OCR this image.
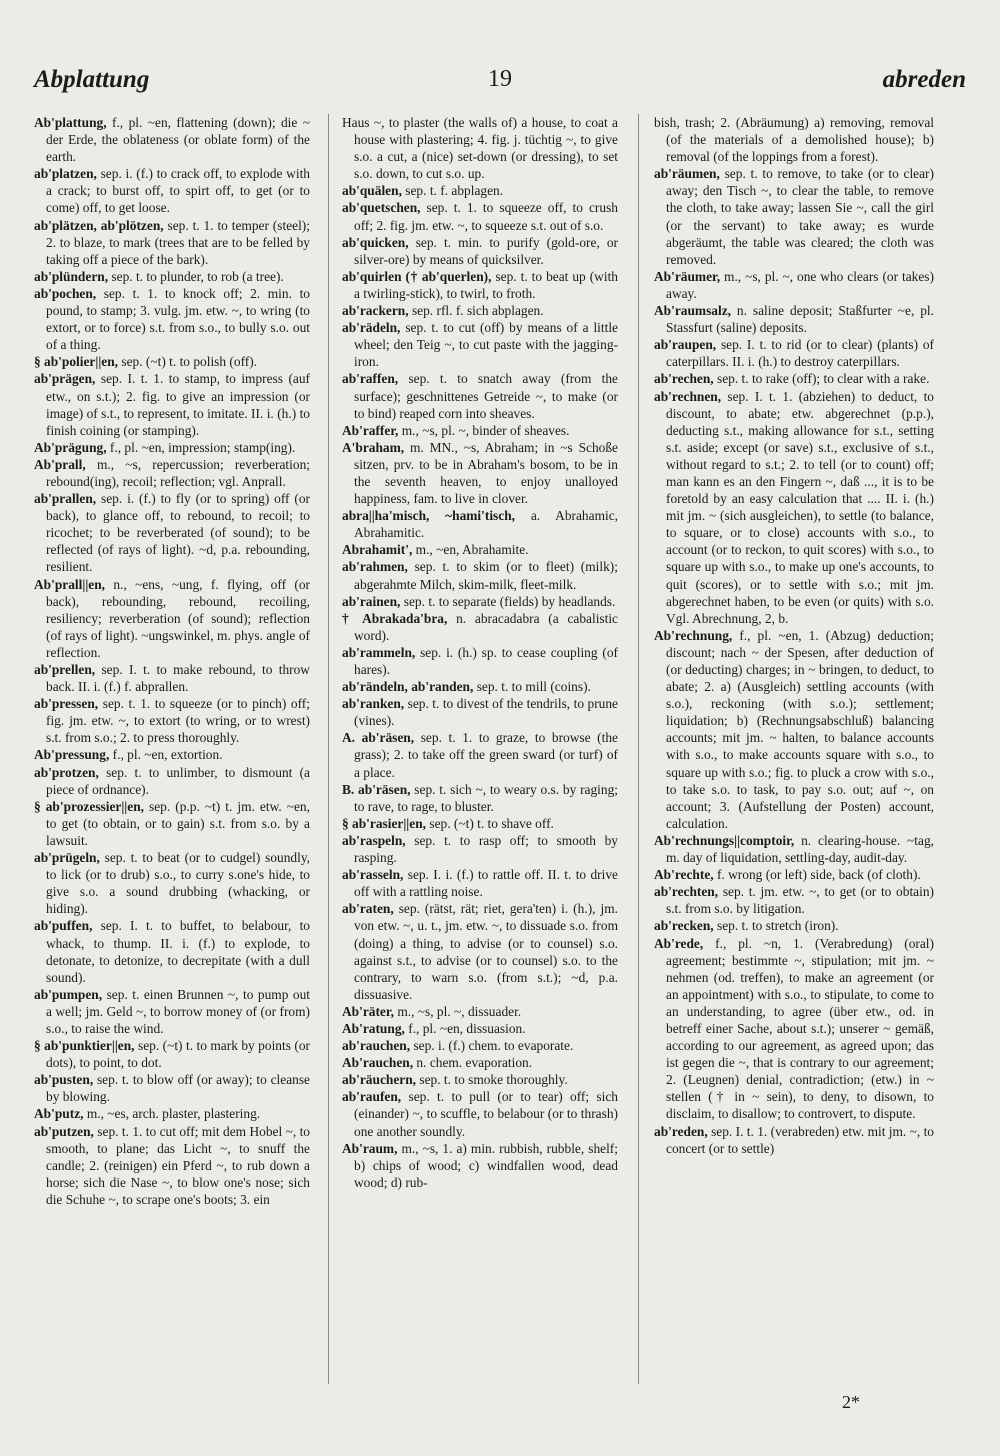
Abplattung	19	abreden
Ab'plattung, f., pl. ~en, flattening (down); die ~ der Erde, the oblateness (or oblate form) of the earth.
ab'platzen, sep. i. (f.) to crack off, to explode with a crack; to burst off, to spirt off, to get (or to come) off, to get loose.
ab'plätzen, ab'plötzen, sep. t. 1. to temper (steel); 2. to blaze, to mark (trees that are to be felled by taking off a piece of the bark).
ab'plündern, sep. t. to plunder, to rob (a tree).
ab'pochen, sep. t. 1. to knock off; 2. min. to pound, to stamp; 3. vulg. jm. etw. ~, to wring (to extort, or to force) s.t. from s.o., to bully s.o. out of a thing.
§ ab'polier||en, sep. (~t) t. to polish (off).
ab'prägen, sep. I. t. 1. to stamp, to impress (auf etw., on s.t.); 2. fig. to give an impression (or image) of s.t., to represent, to imitate. II. i. (h.) to finish coining (or stamping).
Ab'prägung, f., pl. ~en, impression; stamp(ing).
Ab'prall, m., ~s, repercussion; reverberation; rebound(ing), recoil; reflection; vgl. Anprall.
ab'prallen, sep. i. (f.) to fly (or to spring) off (or back), to glance off, to rebound, to recoil; to ricochet; to be reverberated (of sound); to be reflected (of rays of light). ~d, p.a. rebounding, resilient.
Ab'prall||en, n., ~ens, ~ung, f. flying, off (or back), rebounding, rebound, recoiling, resiliency; reverberation (of sound); reflection (of rays of light). ~ungswinkel, m. phys. angle of reflection.
ab'prellen, sep. I. t. to make rebound, to throw back. II. i. (f.) f. abprallen.
ab'pressen, sep. t. 1. to squeeze (or to pinch) off; fig. jm. etw. ~, to extort (to wring, or to wrest) s.t. from s.o.; 2. to press thoroughly.
Ab'pressung, f., pl. ~en, extortion.
ab'protzen, sep. t. to unlimber, to dismount (a piece of ordnance).
§ ab'prozessier||en, sep. (p.p. ~t) t. jm. etw. ~en, to get (to obtain, or to gain) s.t. from s.o. by a lawsuit.
ab'prügeln, sep. t. to beat (or to cudgel) soundly, to lick (or to drub) s.o., to curry s.one's hide, to give s.o. a sound drubbing (whacking, or hiding).
ab'puffen, sep. I. t. to buffet, to belabour, to whack, to thump. II. i. (f.) to explode, to detonate, to detonize, to decrepitate (with a dull sound).
ab'pumpen, sep. t. einen Brunnen ~, to pump out a well; jm. Geld ~, to borrow money of (or from) s.o., to raise the wind.
§ ab'punktier||en, sep. (~t) t. to mark by points (or dots), to point, to dot.
ab'pusten, sep. t. to blow off (or away); to cleanse by blowing.
Ab'putz, m., ~es, arch. plaster, plastering.
ab'putzen, sep. t. 1. to cut off; mit dem Hobel ~, to smooth, to plane; das Licht ~, to snuff the candle; 2. (reinigen) ein Pferd ~, to rub down a horse; sich die Nase ~, to blow one's nose; sich die Schuhe ~, to scrape one's boots; 3. ein
Haus ~, to plaster (the walls of) a house, to coat a house with plastering; 4. fig. j. tüchtig ~, to give s.o. a cut, a (nice) set-down (or dressing), to set s.o. down, to cut s.o. up.
ab'quälen, sep. t. f. abplagen.
ab'quetschen, sep. t. 1. to squeeze off, to crush off; 2. fig. jm. etw. ~, to squeeze s.t. out of s.o.
ab'quicken, sep. t. min. to purify (gold-ore, or silver-ore) by means of quicksilver.
ab'quirlen († ab'querlen), sep. t. to beat up (with a twirling-stick), to twirl, to froth.
ab'rackern, sep. rfl. f. sich abplagen.
ab'rädeln, sep. t. to cut (off) by means of a little wheel; den Teig ~, to cut paste with the jagging-iron.
ab'raffen, sep. t. to snatch away (from the surface); geschnittenes Getreide ~, to make (or to bind) reaped corn into sheaves.
Ab'raffer, m., ~s, pl. ~, binder of sheaves.
A'braham, m. MN., ~s, Abraham; in ~s Schoße sitzen, prv. to be in Abraham's bosom, to be in the seventh heaven, to enjoy unalloyed happiness, fam. to live in clover.
abra||ha'misch, ~hami'tisch, a. Abrahamic, Abrahamitic.
Abrahamit', m., ~en, Abrahamite.
ab'rahmen, sep. t. to skim (or to fleet) (milk); abgerahmte Milch, skim-milk, fleet-milk.
ab'rainen, sep. t. to separate (fields) by headlands.
† Abrakada'bra, n. abracadabra (a cabalistic word).
ab'rammeln, sep. i. (h.) sp. to cease coupling (of hares).
ab'rändeln, ab'randen, sep. t. to mill (coins).
ab'ranken, sep. t. to divest of the tendrils, to prune (vines).
A. ab'räsen, sep. t. 1. to graze, to browse (the grass); 2. to take off the green sward (or turf) of a place.
B. ab'räsen, sep. t. sich ~, to weary o.s. by raging; to rave, to rage, to bluster.
§ ab'rasier||en, sep. (~t) t. to shave off.
ab'raspeln, sep. t. to rasp off; to smooth by rasping.
ab'rasseln, sep. I. i. (f.) to rattle off. II. t. to drive off with a rattling noise.
ab'raten, sep. (rätst, rät; riet, gera'ten) i. (h.), jm. von etw. ~, u. t., jm. etw. ~, to dissuade s.o. from (doing) a thing, to advise (or to counsel) s.o. against s.t., to advise (or to counsel) s.o. to the contrary, to warn s.o. (from s.t.); ~d, p.a. dissuasive.
Ab'räter, m., ~s, pl. ~, dissuader.
Ab'ratung, f., pl. ~en, dissuasion.
ab'rauchen, sep. i. (f.) chem. to evaporate.
Ab'rauchen, n. chem. evaporation.
ab'räuchern, sep. t. to smoke thoroughly.
ab'raufen, sep. t. to pull (or to tear) off; sich (einander) ~, to scuffle, to belabour (or to thrash) one another soundly.
Ab'raum, m., ~s, 1. a) min. rubbish, rubble, shelf; b) chips of wood; c) windfallen wood, dead wood; d) rub-
bish, trash; 2. (Abräumung) a) removing, removal (of the materials of a demolished house); b) removal (of the loppings from a forest).
ab'räumen, sep. t. to remove, to take (or to clear) away; den Tisch ~, to clear the table, to remove the cloth, to take away; lassen Sie ~, call the girl (or the servant) to take away; es wurde abgeräumt, the table was cleared; the cloth was removed.
Ab'räumer, m., ~s, pl. ~, one who clears (or takes) away.
Ab'raumsalz, n. saline deposit; Staßfurter ~e, pl. Stassfurt (saline) deposits.
ab'raupen, sep. I. t. to rid (or to clear) (plants) of caterpillars. II. i. (h.) to destroy caterpillars.
ab'rechen, sep. t. to rake (off); to clear with a rake.
ab'rechnen, sep. I. t. 1. (abziehen) to deduct, to discount, to abate; etw. abgerechnet (p.p.), deducting s.t., making allowance for s.t., setting s.t. aside; except (or save) s.t., exclusive of s.t., without regard to s.t.; 2. to tell (or to count) off; man kann es an den Fingern ~, daß ..., it is to be foretold by an easy calculation that .... II. i. (h.) mit jm. ~ (sich ausgleichen), to settle (to balance, to square, or to close) accounts with s.o., to account (or to reckon, to quit scores) with s.o., to square up with s.o., to make up one's accounts, to quit (scores), or to settle with s.o.; mit jm. abgerechnet haben, to be even (or quits) with s.o. Vgl. Abrechnung, 2, b.
Ab'rechnung, f., pl. ~en, 1. (Abzug) deduction; discount; nach ~ der Spesen, after deduction of (or deducting) charges; in ~ bringen, to deduct, to abate; 2. a) (Ausgleich) settling accounts (with s.o.), reckoning (with s.o.); settlement; liquidation; b) (Rechnungsabschluß) balancing accounts; mit jm. ~ halten, to balance accounts with s.o., to make accounts square with s.o., to square up with s.o.; fig. to pluck a crow with s.o., to take s.o. to task, to pay s.o. out; auf ~, on account; 3. (Aufstellung der Posten) account, calculation.
Ab'rechnungs||comptoir, n. clearing-house. ~tag, m. day of liquidation, settling-day, audit-day.
Ab'rechte, f. wrong (or left) side, back (of cloth).
ab'rechten, sep. t. jm. etw. ~, to get (or to obtain) s.t. from s.o. by litigation.
ab'recken, sep. t. to stretch (iron).
Ab'rede, f., pl. ~n, 1. (Verabredung) (oral) agreement; bestimmte ~, stipulation; mit jm. ~ nehmen (od. treffen), to make an agreement (or an appointment) with s.o., to stipulate, to come to an understanding, to agree (über etw., od. in betreff einer Sache, about s.t.); unserer ~ gemäß, according to our agreement, as agreed upon; das ist gegen die ~, that is contrary to our agreement; 2. (Leugnen) denial, contradiction; (etw.) in ~ stellen († in ~ sein), to deny, to disown, to disclaim, to disallow; to controvert, to dispute.
ab'reden, sep. I. t. 1. (verabreden) etw. mit jm. ~, to concert (or to settle)
2*
